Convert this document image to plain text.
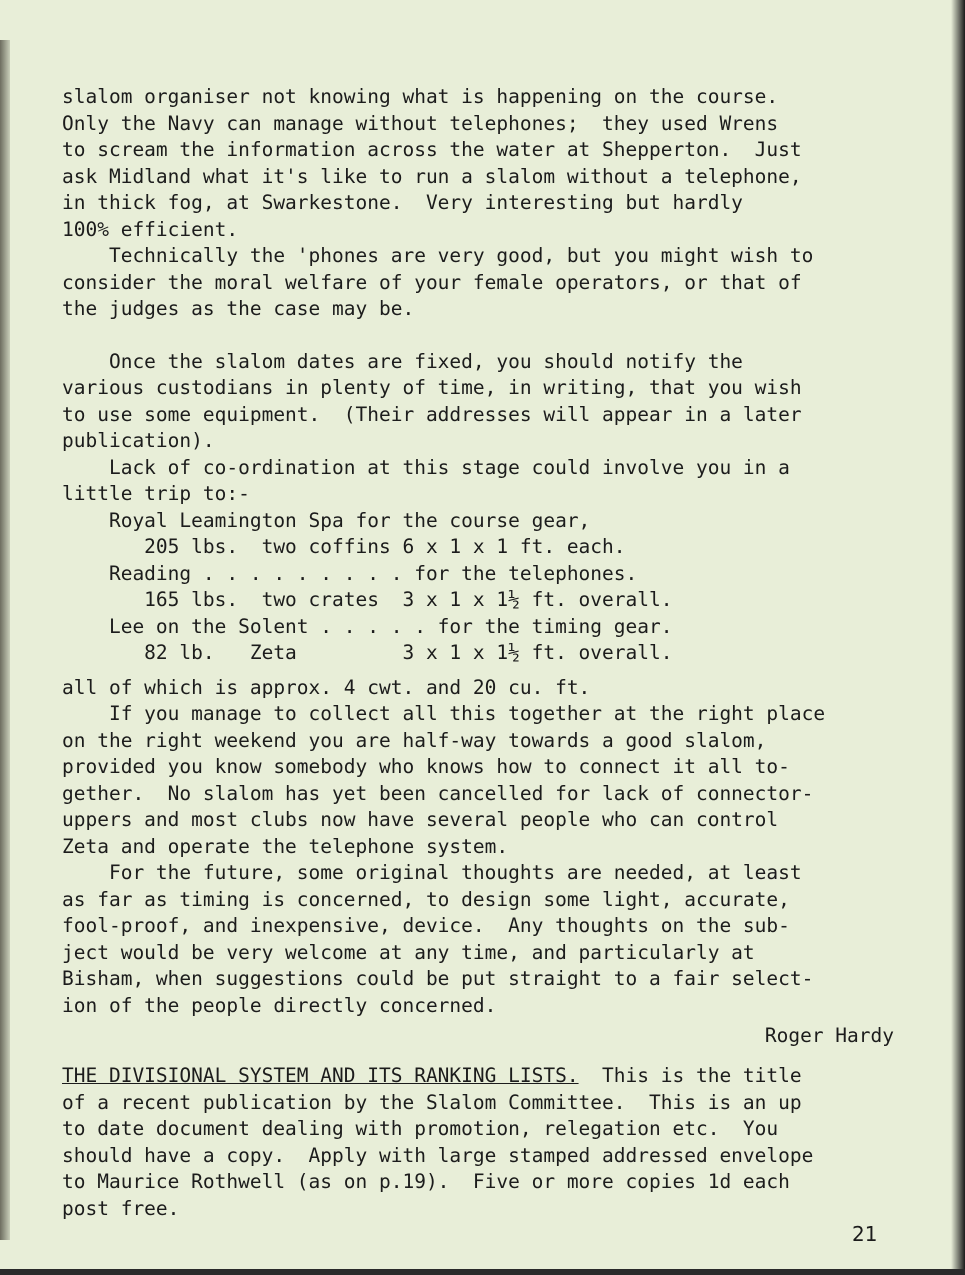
slalom organiser not knowing what is happening on the course.
Only the Navy can manage without telephones;  they used Wrens
to scream the information across the water at Shepperton.  Just
ask Midland what it's like to run a slalom without a telephone,
in thick fog, at Swarkestone.  Very interesting but hardly
100% efficient.
Technically the 'phones are very good, but you might wish to
consider the moral welfare of your female operators, or that of
the judges as the case may be.
Once the slalom dates are fixed, you should notify the
various custodians in plenty of time, in writing, that you wish
to use some equipment.  (Their addresses will appear in a later
publication).
Lack of co-ordination at this stage could involve you in a
little trip to:-
Royal Leamington Spa for the course gear,
205 lbs.  two coffins 6 x 1 x 1 ft. each.
Reading . . . . . . . . . for the telephones.
165 lbs.  two crates  3 x 1 x 1½ ft. overall.
Lee on the Solent . . . . . for the timing gear.
82 lb.   Zeta         3 x 1 x 1½ ft. overall.
all of which is approx. 4 cwt. and 20 cu. ft.
If you manage to collect all this together at the right place
on the right weekend you are half-way towards a good slalom,
provided you know somebody who knows how to connect it all to-
gether.  No slalom has yet been cancelled for lack of connector-
uppers and most clubs now have several people who can control
Zeta and operate the telephone system.
For the future, some original thoughts are needed, at least
as far as timing is concerned, to design some light, accurate,
fool-proof, and inexpensive, device.  Any thoughts on the sub-
ject would be very welcome at any time, and particularly at
Bisham, when suggestions could be put straight to a fair select-
ion of the people directly concerned.
Roger Hardy
THE DIVISIONAL SYSTEM AND ITS RANKING LISTS.  This is the title
of a recent publication by the Slalom Committee.  This is an up
to date document dealing with promotion, relegation etc.  You
should have a copy.  Apply with large stamped addressed envelope
to Maurice Rothwell (as on p.19).  Five or more copies 1d each
post free.
21
